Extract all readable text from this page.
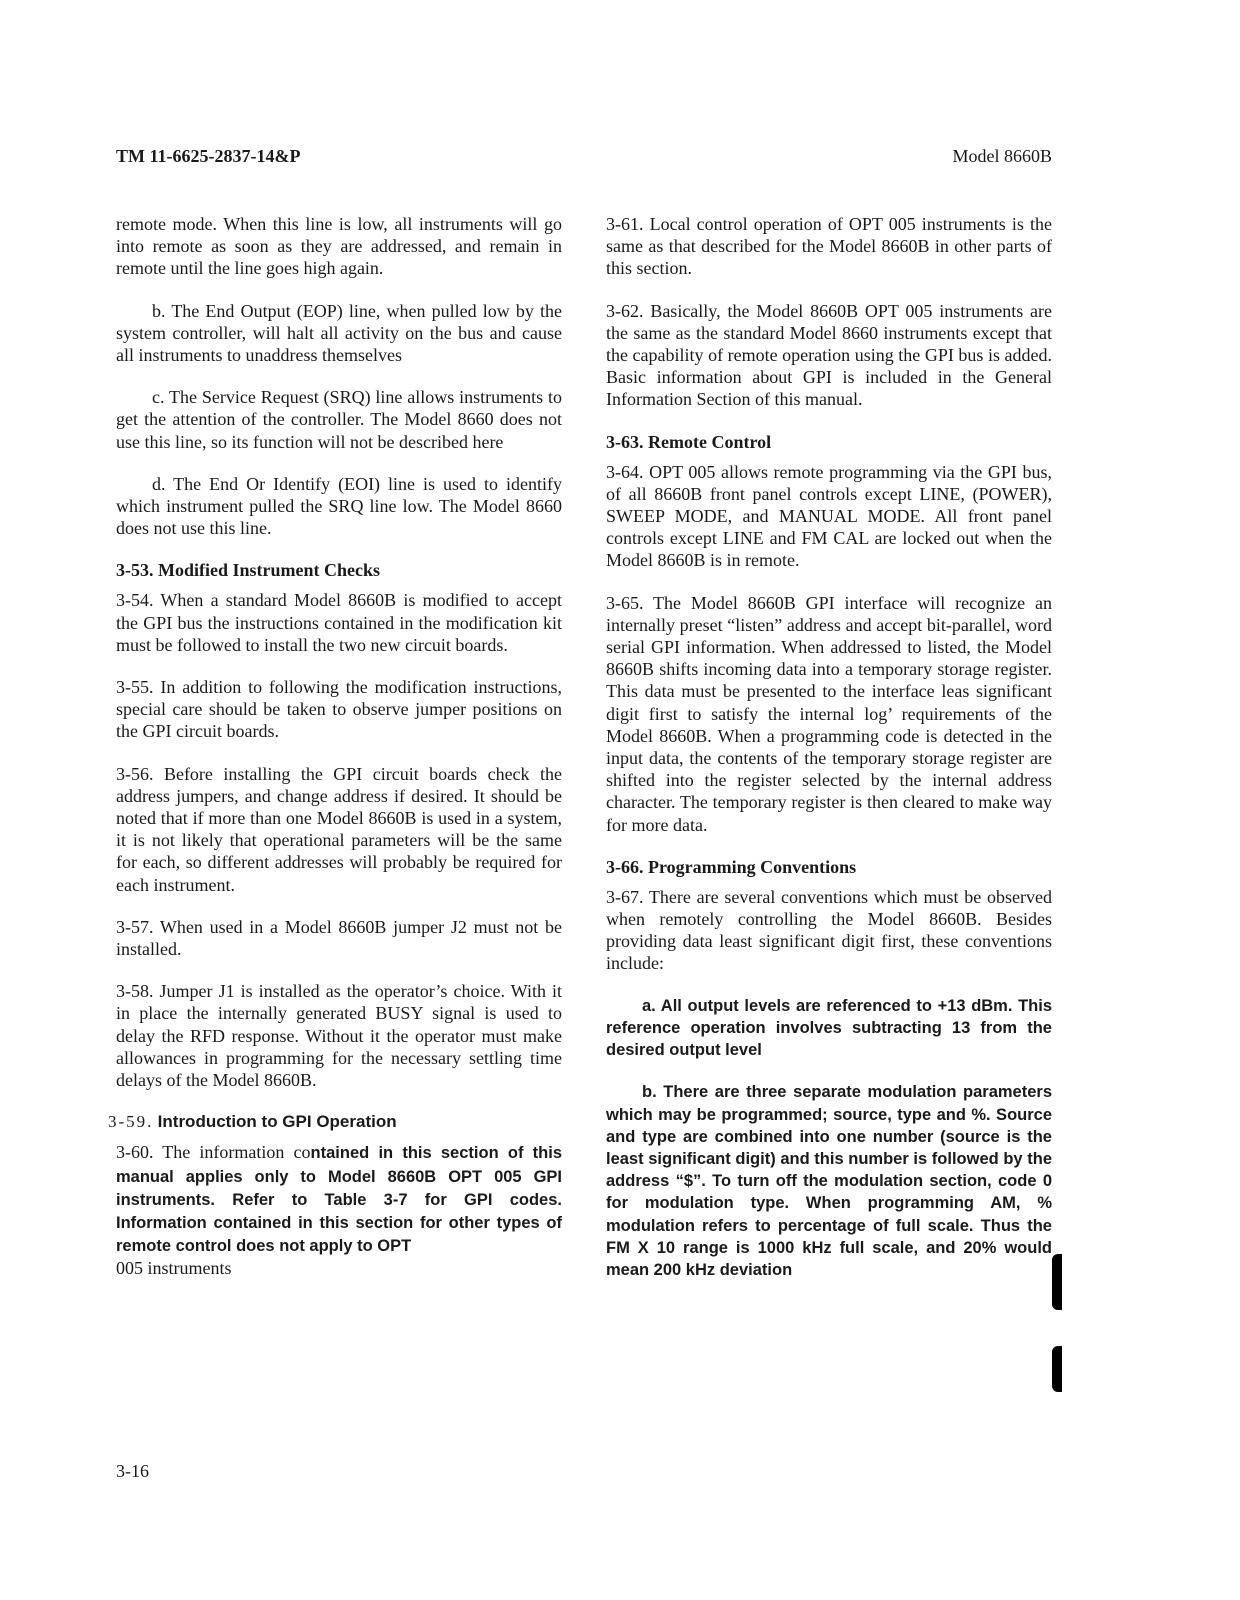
TM 11-6625-2837-14&P	Model 8660B

remote mode. When this line is low, all instruments will go into remote as soon as they are addressed, and remain in remote until the line goes high again.

b. The End Output (EOP) line, when pulled low by the system controller, will halt all activity on the bus and cause all instruments to unaddress themselves

c. The Service Request (SRQ) line allows instruments to get the attention of the controller. The Model 8660 does not use this line, so its function will not be described here

d. The End Or Identify (EOI) line is used to identify which instrument pulled the SRQ line low. The Model 8660 does not use this line.

3-53. Modified Instrument Checks

3-54. When a standard Model 8660B is modified to accept the GPI bus the instructions contained in the modification kit must be followed to install the two new circuit boards.

3-55. In addition to following the modification instructions, special care should be taken to observe jumper positions on the GPI circuit boards.

3-56. Before installing the GPI circuit boards check the address jumpers, and change address if desired. It should be noted that if more than one Model 8660B is used in a system, it is not likely that operational parameters will be the same for each, so different addresses will probably be required for each instrument.

3-57. When used in a Model 8660B jumper J2 must not be installed.

3-58. Jumper J1 is installed as the operator’s choice. With it in place the internally generated BUSY signal is used to delay the RFD response. Without it the operator must make allowances in programming for the necessary settling time delays of the Model 8660B.

3-59. Introduction to GPI Operation

3-60. The information contained in this section of this manual applies only to Model 8660B OPT 005 GPI instruments. Refer to Table 3-7 for GPI codes. Information contained in this section for other types of remote control does not apply to OPT
005 instruments

3-61. Local control operation of OPT 005 instruments is the same as that described for the Model 8660B in other parts of this section.

3-62. Basically, the Model 8660B OPT 005 instruments are the same as the standard Model 8660 instruments except that the capability of remote operation using the GPI bus is added. Basic information about GPI is included in the General Information Section of this manual.

3-63. Remote Control

3-64. OPT 005 allows remote programming via the GPI bus, of all 8660B front panel controls except LINE, (POWER), SWEEP MODE, and MANUAL MODE. All front panel controls except LINE and FM CAL are locked out when the Model 8660B is in remote.

3-65. The Model 8660B GPI interface will recognize an internally preset “listen” address and accept bit-parallel, word serial GPI information. When addressed to listed, the Model 8660B shifts incoming data into a temporary storage register. This data must be presented to the interface leas significant digit first to satisfy the internal log’ requirements of the Model 8660B. When a programming code is detected in the input data, the contents of the temporary storage register are shifted into the register selected by the internal address character. The temporary register is then cleared to make way for more data.

3-66. Programming Conventions

3-67. There are several conventions which must be observed when remotely controlling the Model 8660B. Besides providing data least significant digit first, these conventions include:

a. All output levels are referenced to +13 dBm. This reference operation involves subtracting 13 from the desired output level

b. There are three separate modulation parameters which may be programmed; source, type and %. Source and type are combined into one number (source is the least significant digit) and this number is followed by the address “$”. To turn off the modulation section, code 0 for modulation type. When programming AM, % modulation refers to percentage of full scale. Thus the FM X 10 range is 1000 kHz full scale, and 20% would mean 200 kHz deviation

3-16
